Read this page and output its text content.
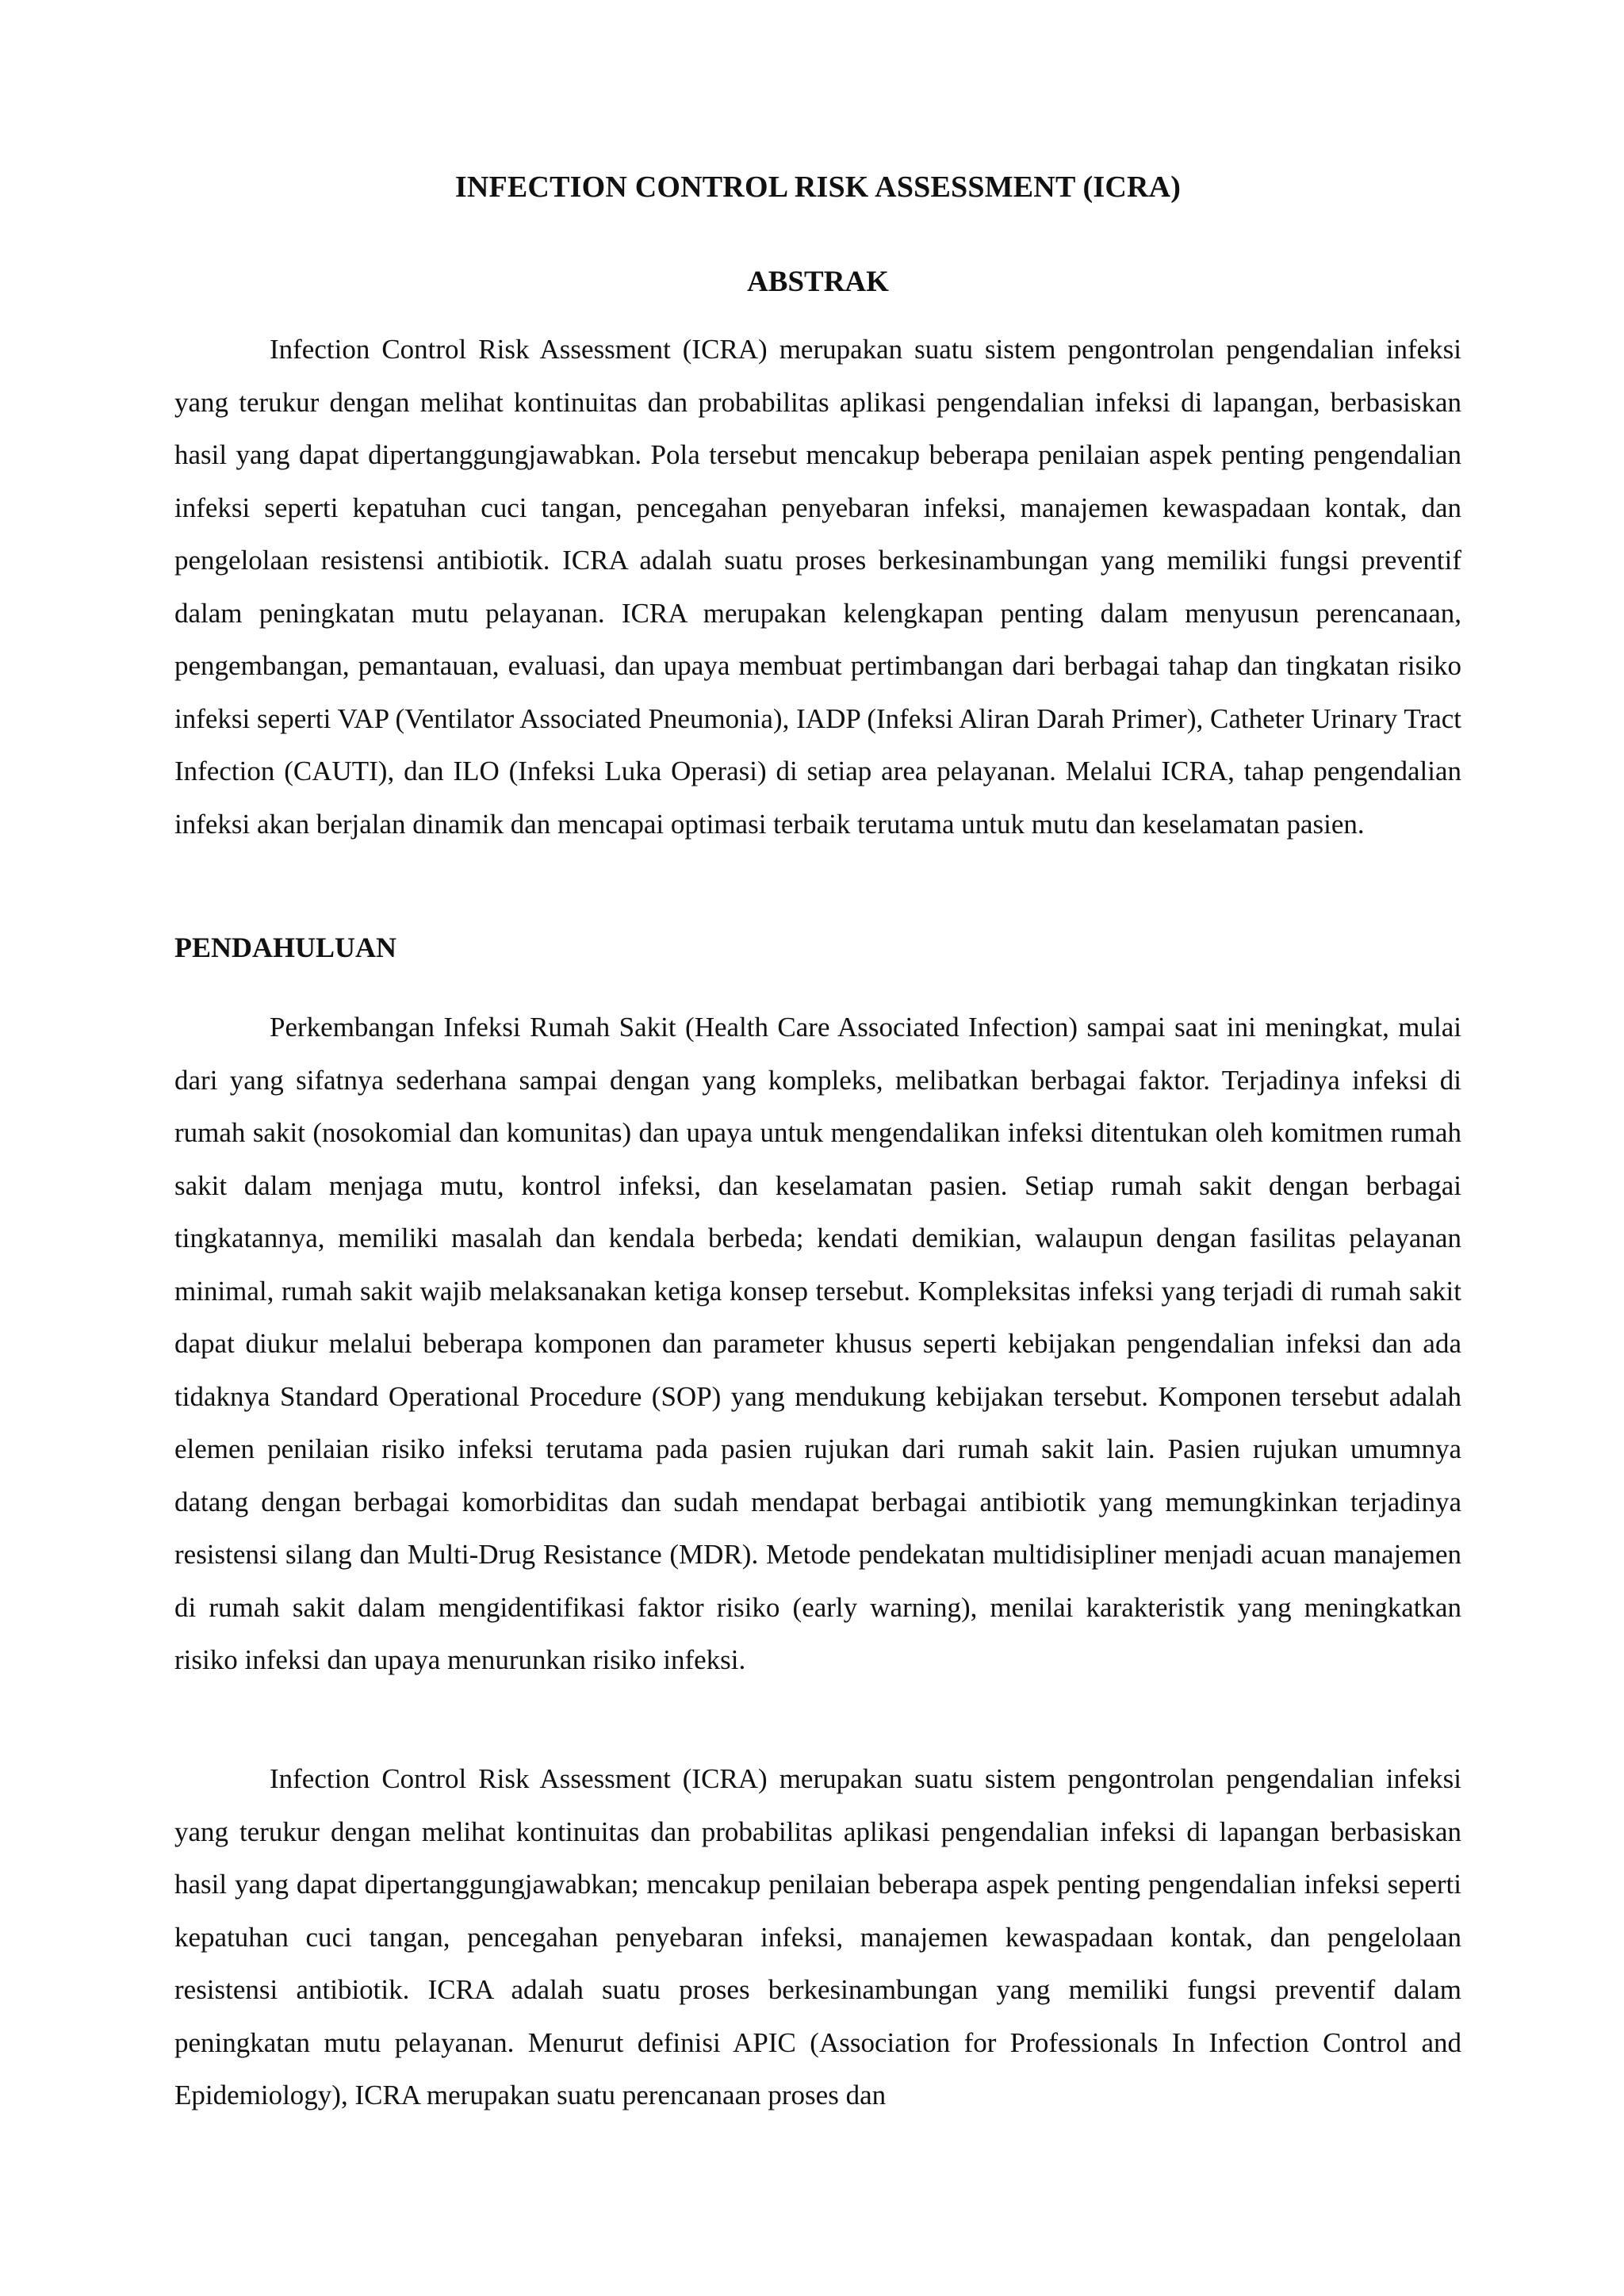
INFECTION CONTROL RISK ASSESSMENT (ICRA)
ABSTRAK

Infection Control Risk Assessment (ICRA) merupakan suatu sistem pengontrolan pengendalian infeksi yang terukur dengan melihat kontinuitas dan probabilitas aplikasi pengendalian infeksi di lapangan, berbasiskan hasil yang dapat dipertanggungjawabkan. Pola tersebut mencakup beberapa penilaian aspek penting pengendalian infeksi seperti kepatuhan cuci tangan, pencegahan penyebaran infeksi, manajemen kewaspadaan kontak, dan pengelolaan resistensi antibiotik. ICRA adalah suatu proses berkesinambungan yang memiliki fungsi preventif dalam peningkatan mutu pelayanan. ICRA merupakan kelengkapan penting dalam menyusun perencanaan, pengembangan, pemantauan, evaluasi, dan upaya membuat pertimbangan dari berbagai tahap dan tingkatan risiko infeksi seperti VAP (Ventilator Associated Pneumonia), IADP (Infeksi Aliran Darah Primer), Catheter Urinary Tract Infection (CAUTI), dan ILO (Infeksi Luka Operasi) di setiap area pelayanan. Melalui ICRA, tahap pengendalian infeksi akan berjalan dinamik dan mencapai optimasi terbaik terutama untuk mutu dan keselamatan pasien.

PENDAHULUAN

Perkembangan Infeksi Rumah Sakit (Health Care Associated Infection) sampai saat ini meningkat, mulai dari yang sifatnya sederhana sampai dengan yang kompleks, melibatkan berbagai faktor. Terjadinya infeksi di rumah sakit (nosokomial dan komunitas) dan upaya untuk mengendalikan infeksi ditentukan oleh komitmen rumah sakit dalam menjaga mutu, kontrol infeksi, dan keselamatan pasien. Setiap rumah sakit dengan berbagai tingkatannya, memiliki masalah dan kendala berbeda; kendati demikian, walaupun dengan fasilitas pelayanan minimal, rumah sakit wajib melaksanakan ketiga konsep tersebut. Kompleksitas infeksi yang terjadi di rumah sakit dapat diukur melalui beberapa komponen dan parameter khusus seperti kebijakan pengendalian infeksi dan ada tidaknya Standard Operational Procedure (SOP) yang mendukung kebijakan tersebut. Komponen tersebut adalah elemen penilaian risiko infeksi terutama pada pasien rujukan dari rumah sakit lain. Pasien rujukan umumnya datang dengan berbagai komorbiditas dan sudah mendapat berbagai antibiotik yang memungkinkan terjadinya resistensi silang dan Multi-Drug Resistance (MDR). Metode pendekatan multidisipliner menjadi acuan manajemen di rumah sakit dalam mengidentifikasi faktor risiko (early warning), menilai karakteristik yang meningkatkan risiko infeksi dan upaya menurunkan risiko infeksi.

Infection Control Risk Assessment (ICRA) merupakan suatu sistem pengontrolan pengendalian infeksi yang terukur dengan melihat kontinuitas dan probabilitas aplikasi pengendalian infeksi di lapangan berbasiskan hasil yang dapat dipertanggungjawabkan; mencakup penilaian beberapa aspek penting pengendalian infeksi seperti kepatuhan cuci tangan, pencegahan penyebaran infeksi, manajemen kewaspadaan kontak, dan pengelolaan resistensi antibiotik. ICRA adalah suatu proses berkesinambungan yang memiliki fungsi preventif dalam peningkatan mutu pelayanan. Menurut definisi APIC (Association for Professionals In Infection Control and Epidemiology), ICRA merupakan suatu perencanaan proses dan
